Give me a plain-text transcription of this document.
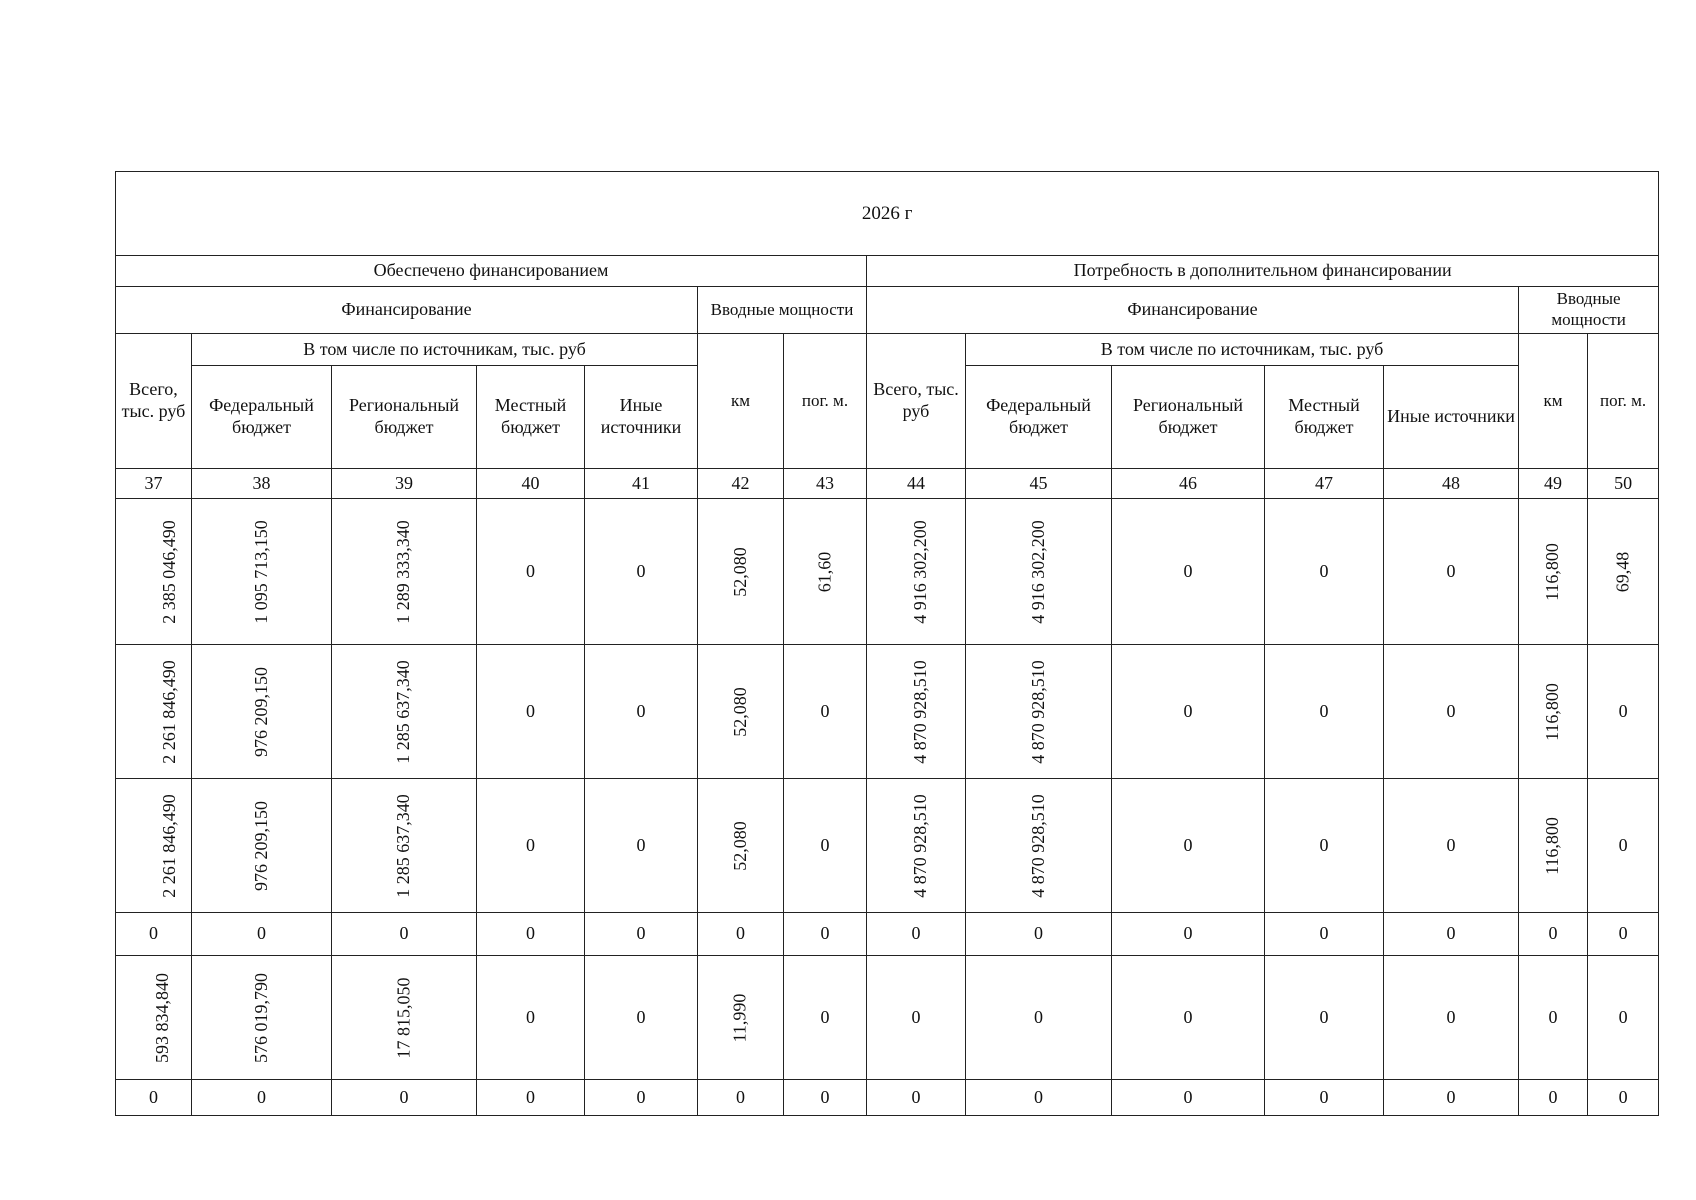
2026 г													
Обеспечено финансированием							Потребность в дополнительном финансировании						
Финансирование					Вводные мощности		Финансирование					Вводные мощности	
Всего, тыс. руб	В том числе по источникам, тыс. руб				км	пог. м.	Всего, тыс. руб	В том числе по источникам, тыс. руб				км	пог. м.
	Федеральный бюджет	Региональный бюджет	Местный бюджет	Иные источники				Федеральный бюджет	Региональный бюджет	Местный бюджет	Иные источники		
37	38	39	40	41	42	43	44	45	46	47	48	49	50
2 385 046,490	1 095 713,150	1 289 333,340	0	0	52,080	61,60	4 916 302,200	4 916 302,200	0	0	0	116,800	69,48
2 261 846,490	976 209,150	1 285 637,340	0	0	52,080	0	4 870 928,510	4 870 928,510	0	0	0	116,800	0
2 261 846,490	976 209,150	1 285 637,340	0	0	52,080	0	4 870 928,510	4 870 928,510	0	0	0	116,800	0
0	0	0	0	0	0	0	0	0	0	0	0	0	0
593 834,840	576 019,790	17 815,050	0	0	11,990	0	0	0	0	0	0	0	0
0	0	0	0	0	0	0	0	0	0	0	0	0	0
